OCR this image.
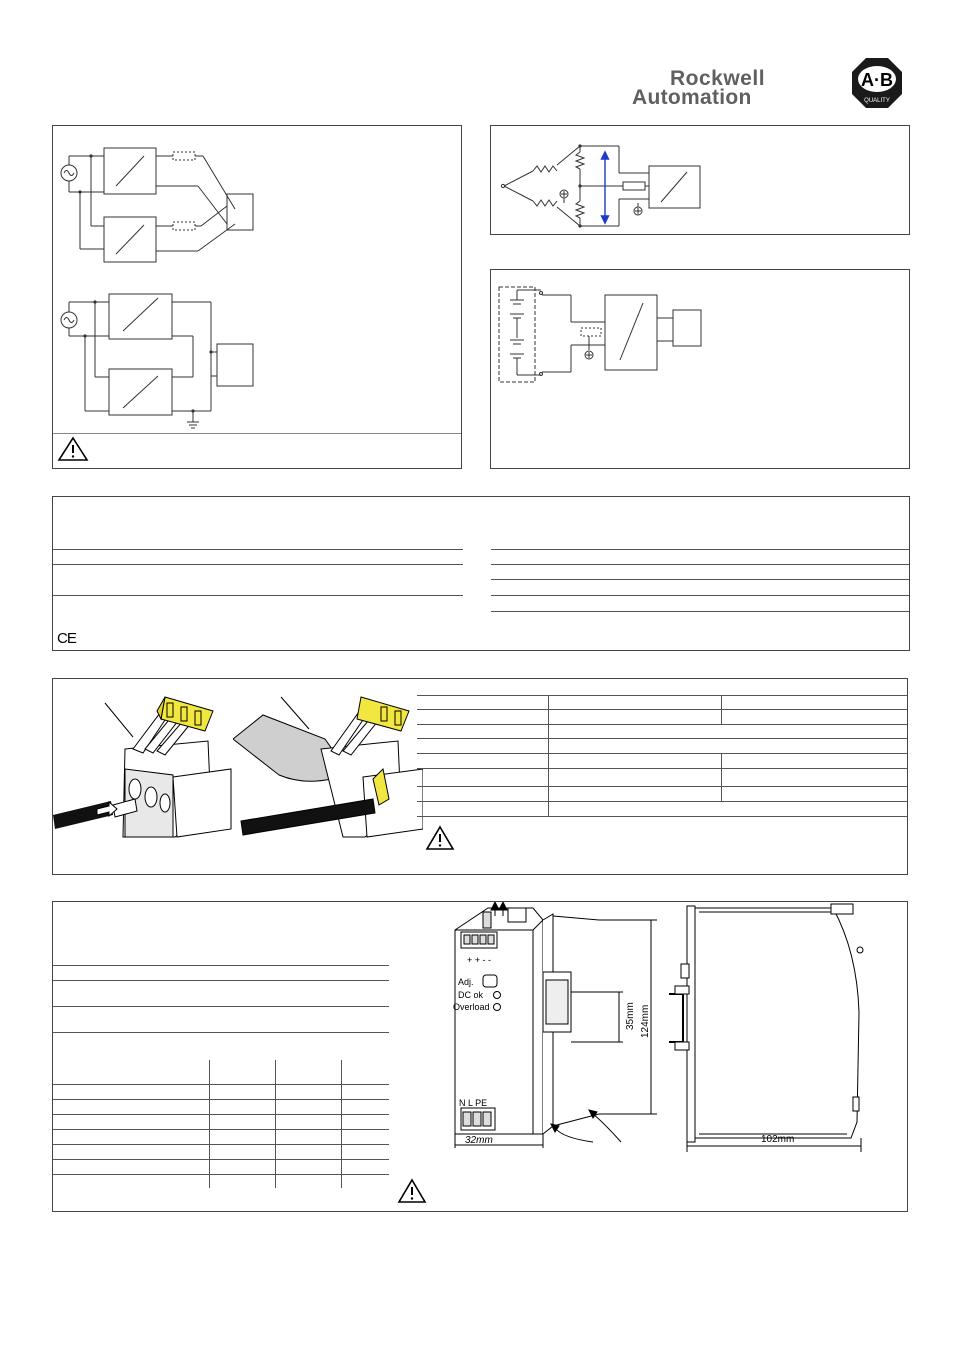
Rockwell
Automation
A·B
QUALITY
CE
+ + - -
Adj.
DC ok
Overload
N L PE
32mm
35mm 124mm
102mm
